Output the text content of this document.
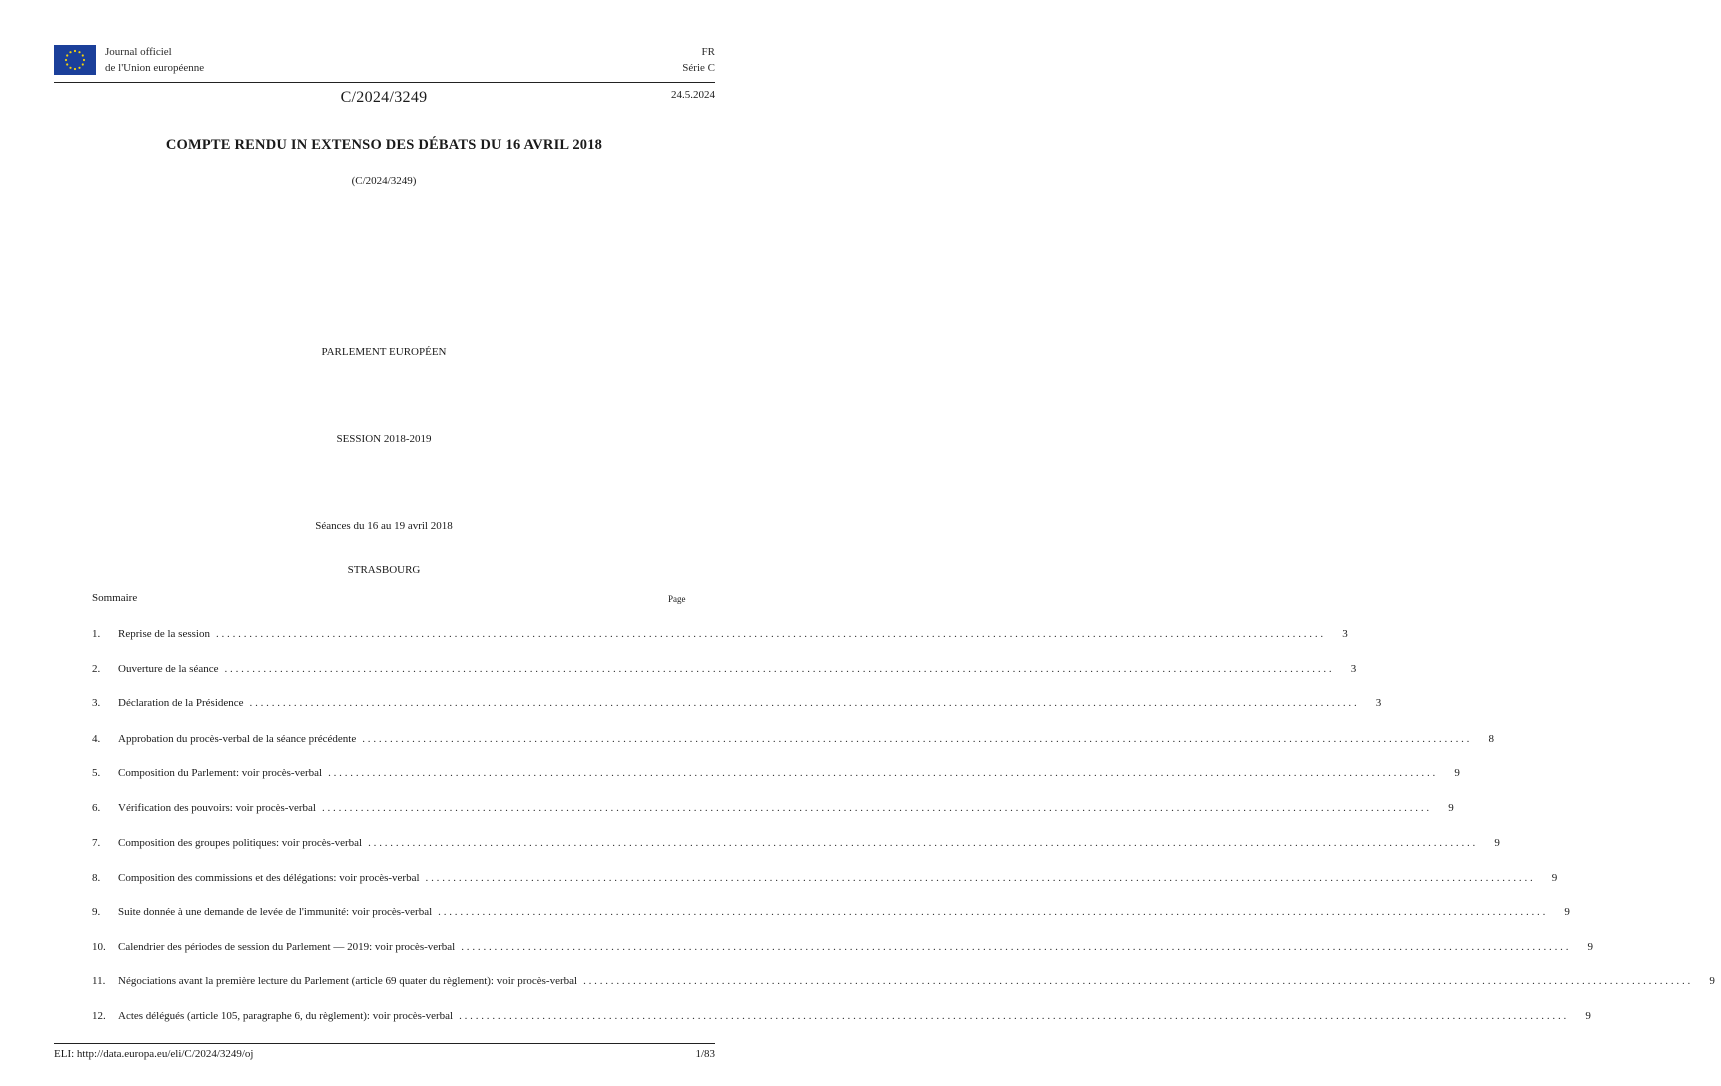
Journal officiel
de l'Union européenne
FR
Série C
C/2024/3249	24.5.2024
COMPTE RENDU IN EXTENSO DES DÉBATS DU 16 AVRIL 2018
(C/2024/3249)
PARLEMENT EUROPÉEN
SESSION 2018-2019
Séances du 16 au 19 avril 2018
STRASBOURG
Sommaire	Page
1.	Reprise de la session ........................................................................................................................................................................................................	3
2.	Ouverture de la séance ........................................................................................................................................................................................................	3
3.	Déclaration de la Présidence ........................................................................................................................................................................................................	3
4.	Approbation du procès-verbal de la séance précédente ........................................................................................................................................................................................................	8
5.	Composition du Parlement: voir procès-verbal ........................................................................................................................................................................................................	9
6.	Vérification des pouvoirs: voir procès-verbal ........................................................................................................................................................................................................	9
7.	Composition des groupes politiques: voir procès-verbal ........................................................................................................................................................................................................	9
8.	Composition des commissions et des délégations: voir procès-verbal ........................................................................................................................................................................................................	9
9.	Suite donnée à une demande de levée de l'immunité: voir procès-verbal ........................................................................................................................................................................................................	9
10.	Calendrier des périodes de session du Parlement — 2019: voir procès-verbal ........................................................................................................................................................................................................	9
11.	Négociations avant la première lecture du Parlement (article 69 quater du règlement): voir procès-verbal ........................................................................................................................................................................................................	9
12.	Actes délégués (article 105, paragraphe 6, du règlement): voir procès-verbal ........................................................................................................................................................................................................	9
ELI: http://data.europa.eu/eli/C/2024/3249/oj	1/83
